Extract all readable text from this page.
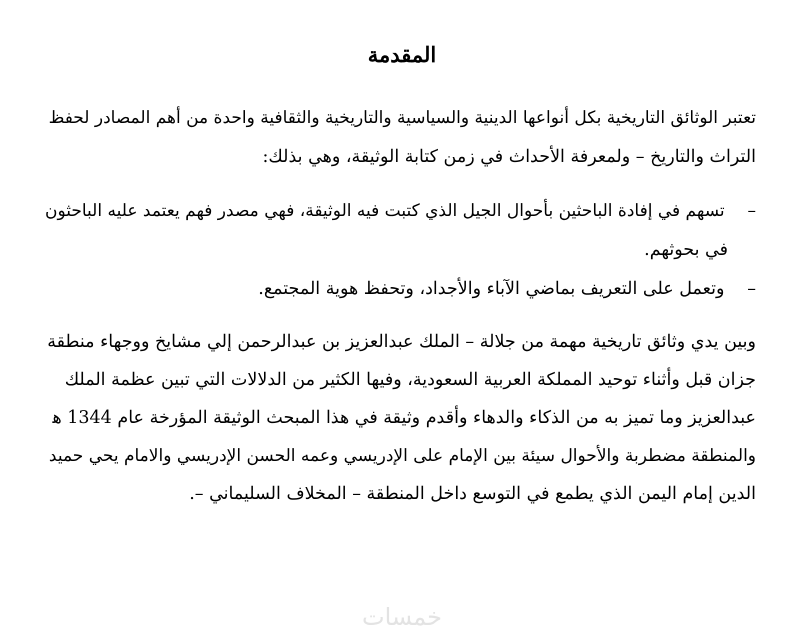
المقدمة
تعتبر الوثائق التاريخية بكل أنواعها الدينية والسياسية والتاريخية والثقافية واحدة من أهم المصادر لحفظ
التراث والتاريخ – ولمعرفة الأحداث في زمن كتابة الوثيقة، وهي بذلك:
– تسهم في إفادة الباحثين بأحوال الجيل الذي كتبت فيه الوثيقة، فهي مصدر فهم يعتمد عليه الباحثون
في بحوثهم.
– وتعمل على التعريف بماضي الآباء والأجداد، وتحفظ هوية المجتمع.
وبين يدي وثائق تاريخية مهمة من جلالة – الملك عبدالعزيز بن عبدالرحمن إلي مشايخ ووجهاء منطقة
جزان قبل وأثناء توحيد المملكة العربية السعودية، وفيها الكثير من الدلالات التي تبين عظمة الملك
عبدالعزيز وما تميز به من الذكاء والدهاء وأقدم وثيقة في هذا المبحث الوثيقة المؤرخة عام 1344 ﻫ
والمنطقة مضطربة والأحوال سيئة بين الإمام على الإدريسي وعمه الحسن الإدريسي والامام يحي حميد
الدين إمام اليمن الذي يطمع في التوسع داخل المنطقة – المخلاف السليماني –.
خمسات
